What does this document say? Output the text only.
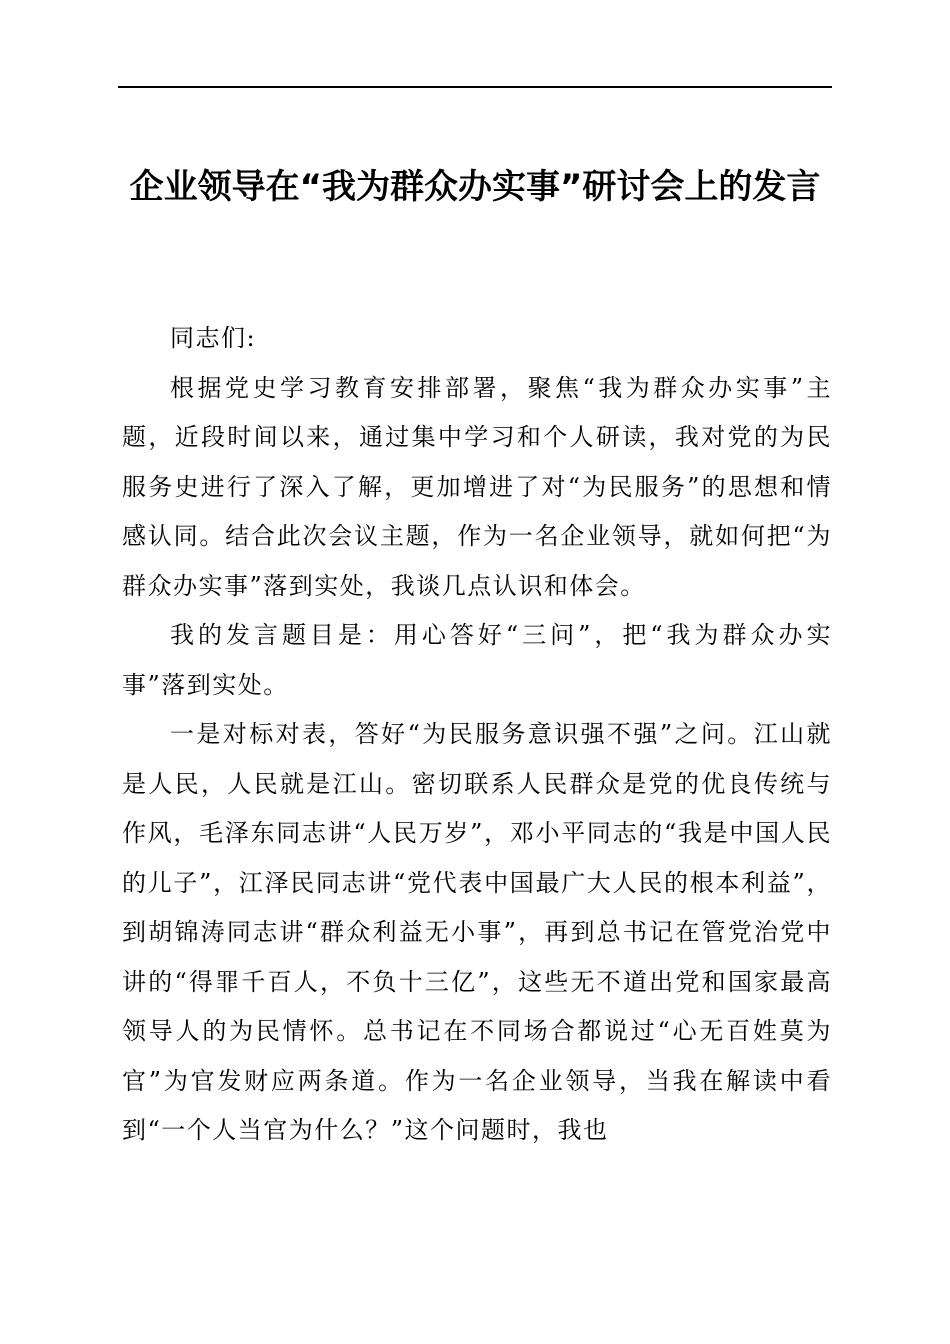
企业领导在“我为群众办实事”研讨会上的发言

同志们:

根据党史学习教育安排部署，聚焦“我为群众办实事”主题，近段时间以来，通过集中学习和个人研读，我对党的为民服务史进行了深入了解，更加增进了对“为民服务”的思想和情感认同。结合此次会议主题，作为一名企业领导，就如何把“为群众办实事”落到实处，我谈几点认识和体会。

我的发言题目是：用心答好“三问”，把“我为群众办实事”落到实处。

一是对标对表，答好“为民服务意识强不强”之问。江山就是人民，人民就是江山。密切联系人民群众是党的优良传统与作风，毛泽东同志讲“人民万岁”，邓小平同志的“我是中国人民的儿子”，江泽民同志讲“党代表中国最广大人民的根本利益”，到胡锦涛同志讲“群众利益无小事”，再到总书记在管党治党中讲的“得罪千百人，不负十三亿”，这些无不道出党和国家最高领导人的为民情怀。总书记在不同场合都说过“心无百姓莫为官”为官发财应两条道。作为一名企业领导，当我在解读中看到“一个人当官为什么？”这个问题时，我也
